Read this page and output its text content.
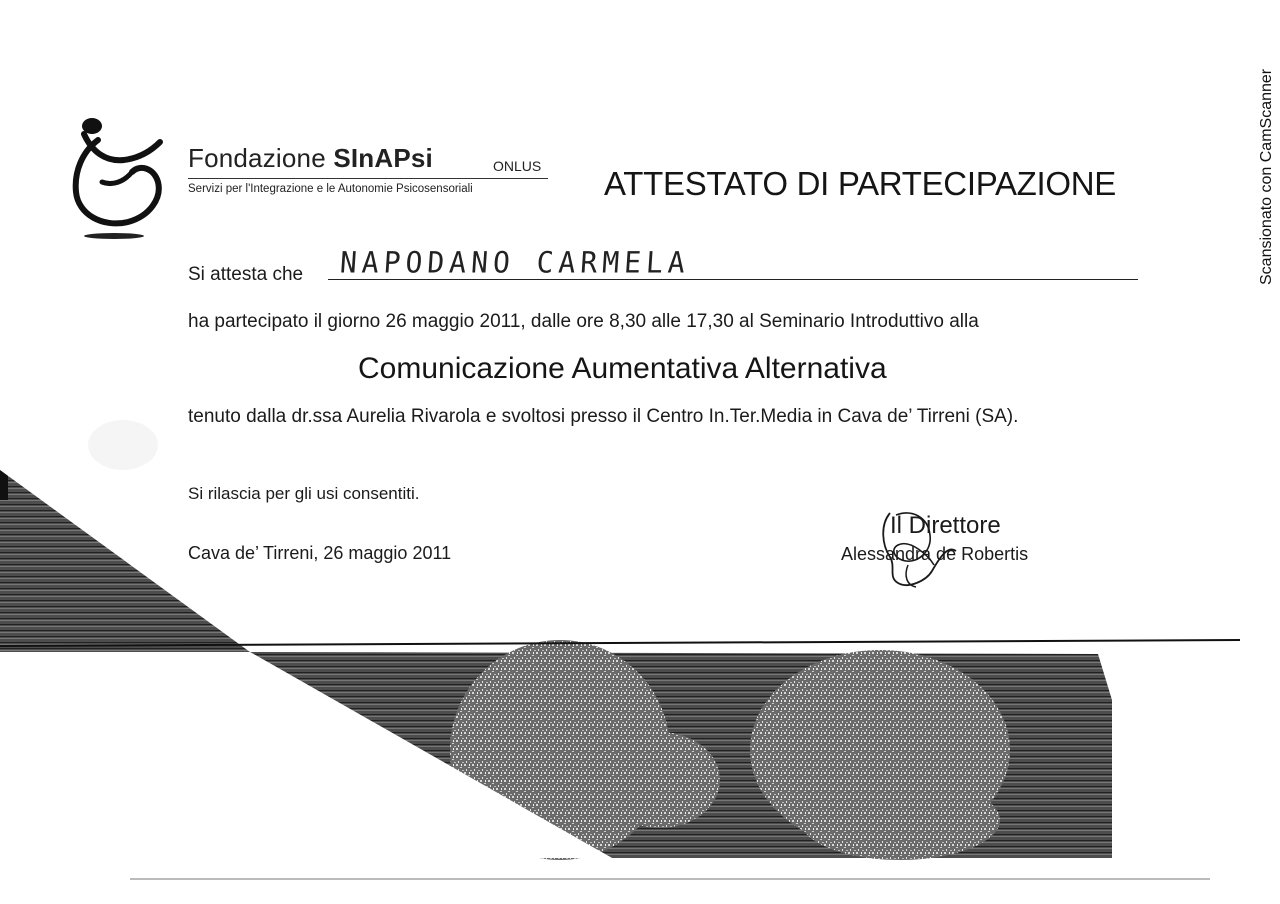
Fondazione SInAPsi	ONLUS
Servizi per l'Integrazione e le Autonomie Psicosensoriali	ATTESTATO DI PARTECIPAZIONE
Si attesta che NAPODANO CARMELA
ha partecipato il giorno 26 maggio 2011, dalle ore 8,30 alle 17,30 al Seminario Introduttivo alla
Comunicazione Aumentativa Alternativa
tenuto dalla dr.ssa Aurelia Rivarola e svoltosi presso il Centro In.Ter.Media in Cava de’ Tirreni (SA).
Si rilascia per gli usi consentiti.
Cava de’ Tirreni, 26 maggio 2011
Il Direttore
Alessandra de Robertis
Scansionato con CamScanner
